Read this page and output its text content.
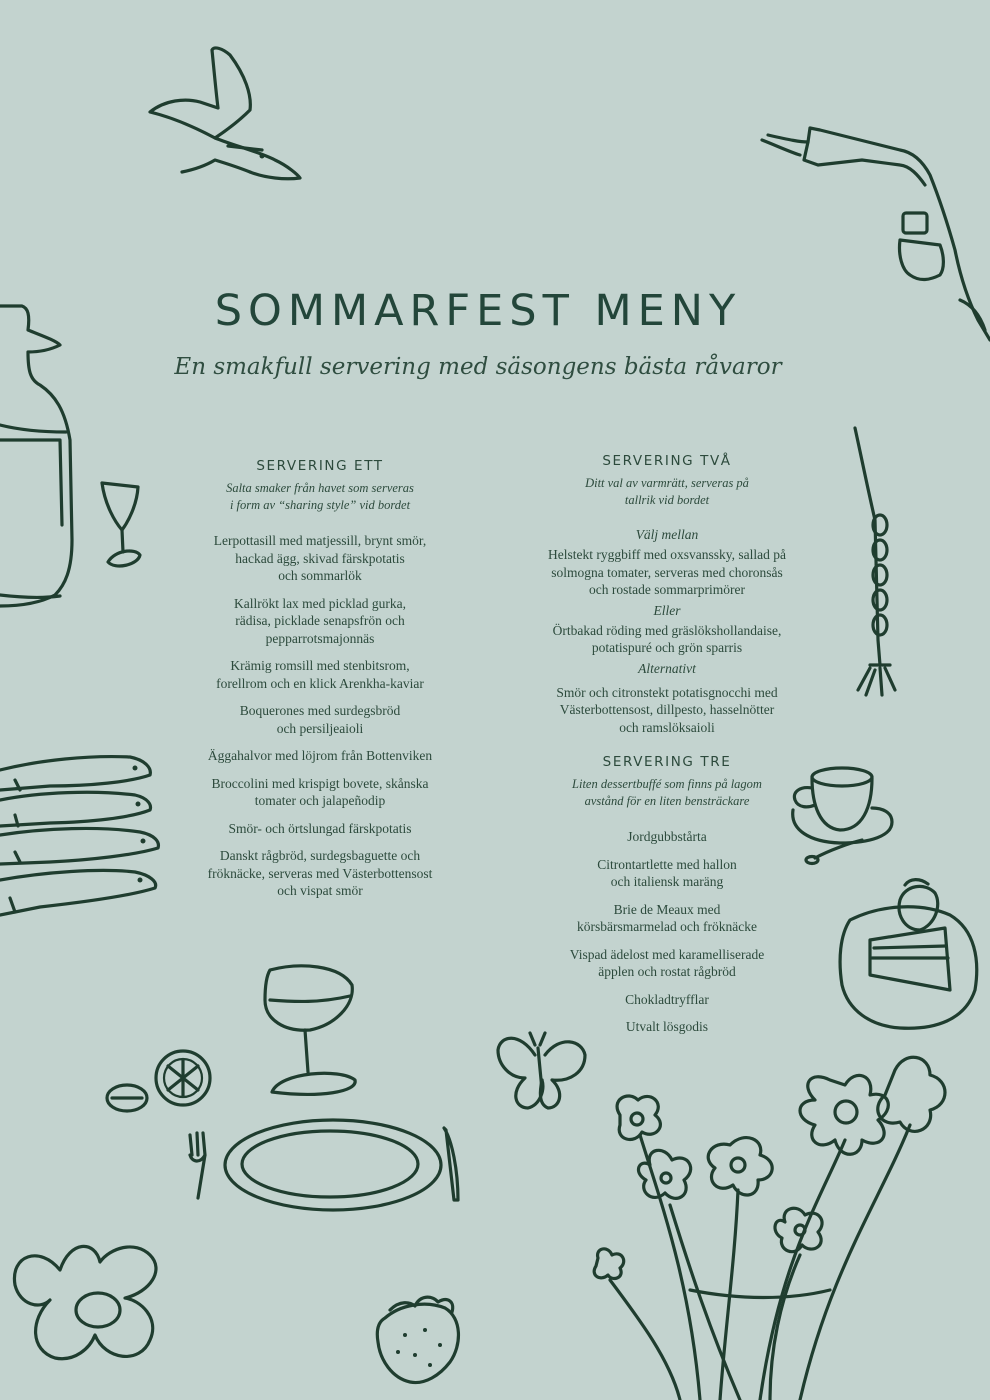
SOMMARFEST MENY
En smakfull servering med säsongens bästa råvaror
SERVERING ETT

Salta smaker från havet som serveras
i form av “sharing style” vid bordet

Lerpottasill med matjessill, brynt smör,
hackad ägg, skivad färskpotatis
och sommarlök

Kallrökt lax med picklad gurka,
rädisa, picklade senapsfrön och
pepparrotsmajonnäs

Krämig romsill med stenbitsrom,
forellrom och en klick Arenkha-kaviar

Boquerones med surdegsbröd
och persiljeaioli

Äggahalvor med löjrom från Bottenviken

Broccolini med krispigt bovete, skånska
tomater och jalapeñodip

Smör- och örtslungad färskpotatis

Danskt rågbröd, surdegsbaguette och
fröknäcke, serveras med Västerbottensost
och vispat smör

SERVERING TVÅ

Ditt val av varmrätt, serveras på
tallrik vid bordet

Välj mellan

Helstekt ryggbiff med oxsvanssky, sallad på
solmogna tomater, serveras med choronsås
och rostade sommarprimörer

Eller

Örtbakad röding med gräslökshollandaise,
potatispuré och grön sparris

Alternativt

Smör och citronstekt potatisgnocchi med
Västerbottensost, dillpesto, hasselnötter
och ramslöksaioli

SERVERING TRE

Liten dessertbuffé som finns på lagom
avstånd för en liten bensträckare

Jordgubbstårta

Citrontartlette med hallon
och italiensk maräng

Brie de Meaux med
körsbärsmarmelad och fröknäcke

Vispad ädelost med karamelliserade
äpplen och rostat rågbröd

Chokladtryfflar

Utvalt lösgodis
